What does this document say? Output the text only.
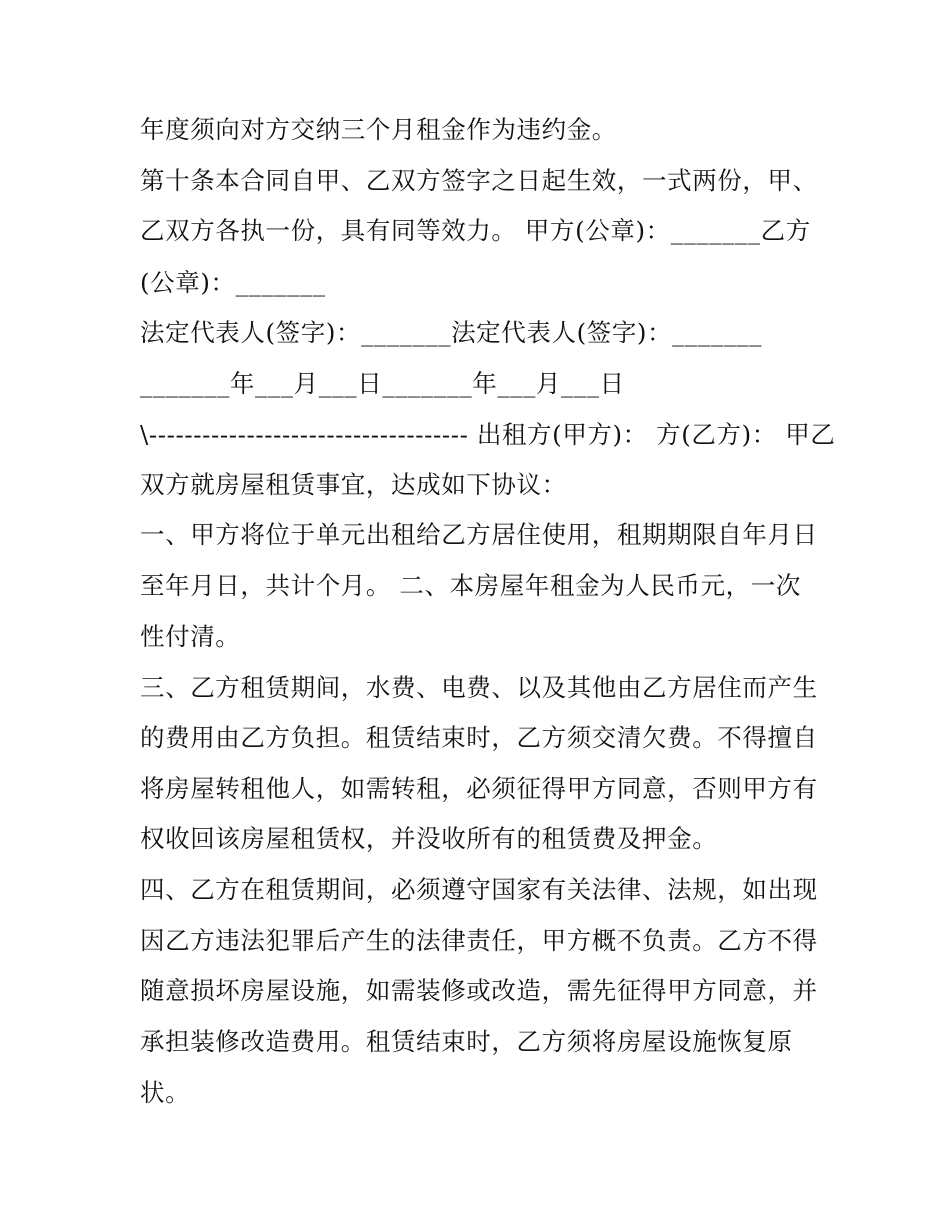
年度须向对方交纳三个月租金作为违约金。
第十条本合同自甲、乙双方签字之日起生效，一式两份，甲、
乙双方各执一份，具有同等效力。 甲方(公章)：_______乙方
(公章)：_______
法定代表人(签字)：_______法定代表人(签字)：_______
_______年___月___日_______年___月___日
\------------------------------------ 出租方(甲方)： 方(乙方)： 甲乙
双方就房屋租赁事宜，达成如下协议：
一、甲方将位于单元出租给乙方居住使用，租期期限自年月日
至年月日，共计个月。 二、本房屋年租金为人民币元，一次
性付清。
三、乙方租赁期间，水费、电费、以及其他由乙方居住而产生
的费用由乙方负担。租赁结束时，乙方须交清欠费。不得擅自
将房屋转租他人，如需转租，必须征得甲方同意，否则甲方有
权收回该房屋租赁权，并没收所有的租赁费及押金。
四、乙方在租赁期间，必须遵守国家有关法律、法规，如出现
因乙方违法犯罪后产生的法律责任，甲方概不负责。乙方不得
随意损坏房屋设施，如需装修或改造，需先征得甲方同意，并
承担装修改造费用。租赁结束时，乙方须将房屋设施恢复原
状。
